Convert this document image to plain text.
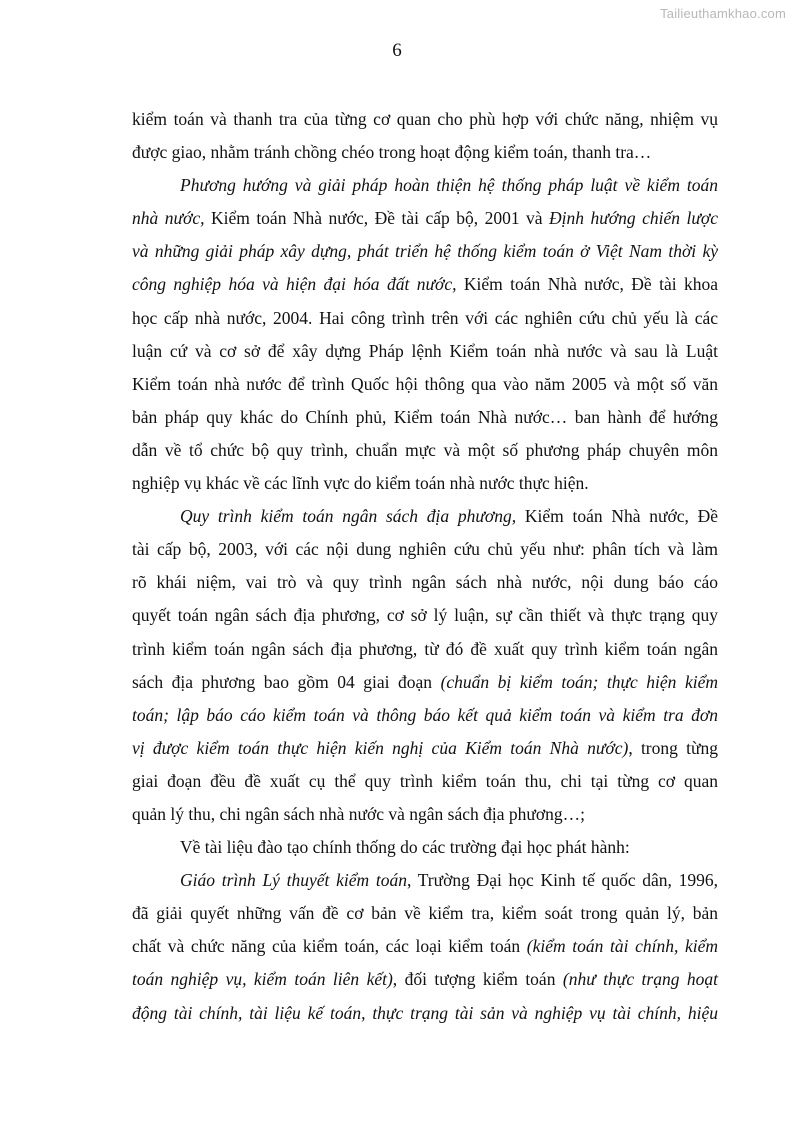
Tailieuthamkhao.com
6
kiểm toán và thanh tra của từng cơ quan cho phù hợp với chức năng, nhiệm vụ
được giao, nhằm tránh chồng chéo trong hoạt động kiểm toán, thanh tra…
Phương hướng và giải pháp hoàn thiện hệ thống pháp luật về kiểm toán
nhà nước, Kiểm toán Nhà nước, Đề tài cấp bộ, 2001 và Định hướng chiến lược
và những giải pháp xây dựng, phát triển hệ thống kiểm toán ở Việt Nam thời kỳ
công nghiệp hóa và hiện đại hóa đất nước, Kiểm toán Nhà nước, Đề tài khoa
học cấp nhà nước, 2004. Hai công trình trên với các nghiên cứu chủ yếu là các
luận cứ và cơ sở để xây dựng Pháp lệnh Kiểm toán nhà nước và sau là Luật
Kiểm toán nhà nước để trình Quốc hội thông qua vào năm 2005 và một số văn
bản pháp quy khác do Chính phủ, Kiểm toán Nhà nước… ban hành để hướng
dẫn về tổ chức bộ quy trình, chuẩn mực và một số phương pháp chuyên môn
nghiệp vụ khác về các lĩnh vực do kiểm toán nhà nước thực hiện.
Quy trình kiểm toán ngân sách địa phương, Kiểm toán Nhà nước, Đề
tài cấp bộ, 2003, với các nội dung nghiên cứu chủ yếu như: phân tích và làm
rõ khái niệm, vai trò và quy trình ngân sách nhà nước, nội dung báo cáo
quyết toán ngân sách địa phương, cơ sở lý luận, sự cần thiết và thực trạng quy
trình kiểm toán ngân sách địa phương, từ đó đề xuất quy trình kiểm toán ngân
sách địa phương bao gồm 04 giai đoạn (chuẩn bị kiểm toán; thực hiện kiểm
toán; lập báo cáo kiểm toán và thông báo kết quả kiểm toán và kiểm tra đơn
vị được kiểm toán thực hiện kiến nghị của Kiểm toán Nhà nước), trong từng
giai đoạn đều đề xuất cụ thể quy trình kiểm toán thu, chi tại từng cơ quan
quản lý thu, chi ngân sách nhà nước và ngân sách địa phương…;
Về tài liệu đào tạo chính thống do các trường đại học phát hành:
Giáo trình Lý thuyết kiểm toán, Trường Đại học Kinh tế quốc dân, 1996,
đã giải quyết những vấn đề cơ bản về kiểm tra, kiểm soát trong quản lý, bản
chất và chức năng của kiểm toán, các loại kiểm toán (kiểm toán tài chính, kiểm
toán nghiệp vụ, kiểm toán liên kết), đối tượng kiểm toán (như thực trạng hoạt
động tài chính, tài liệu kế toán, thực trạng tài sản và nghiệp vụ tài chính, hiệu
